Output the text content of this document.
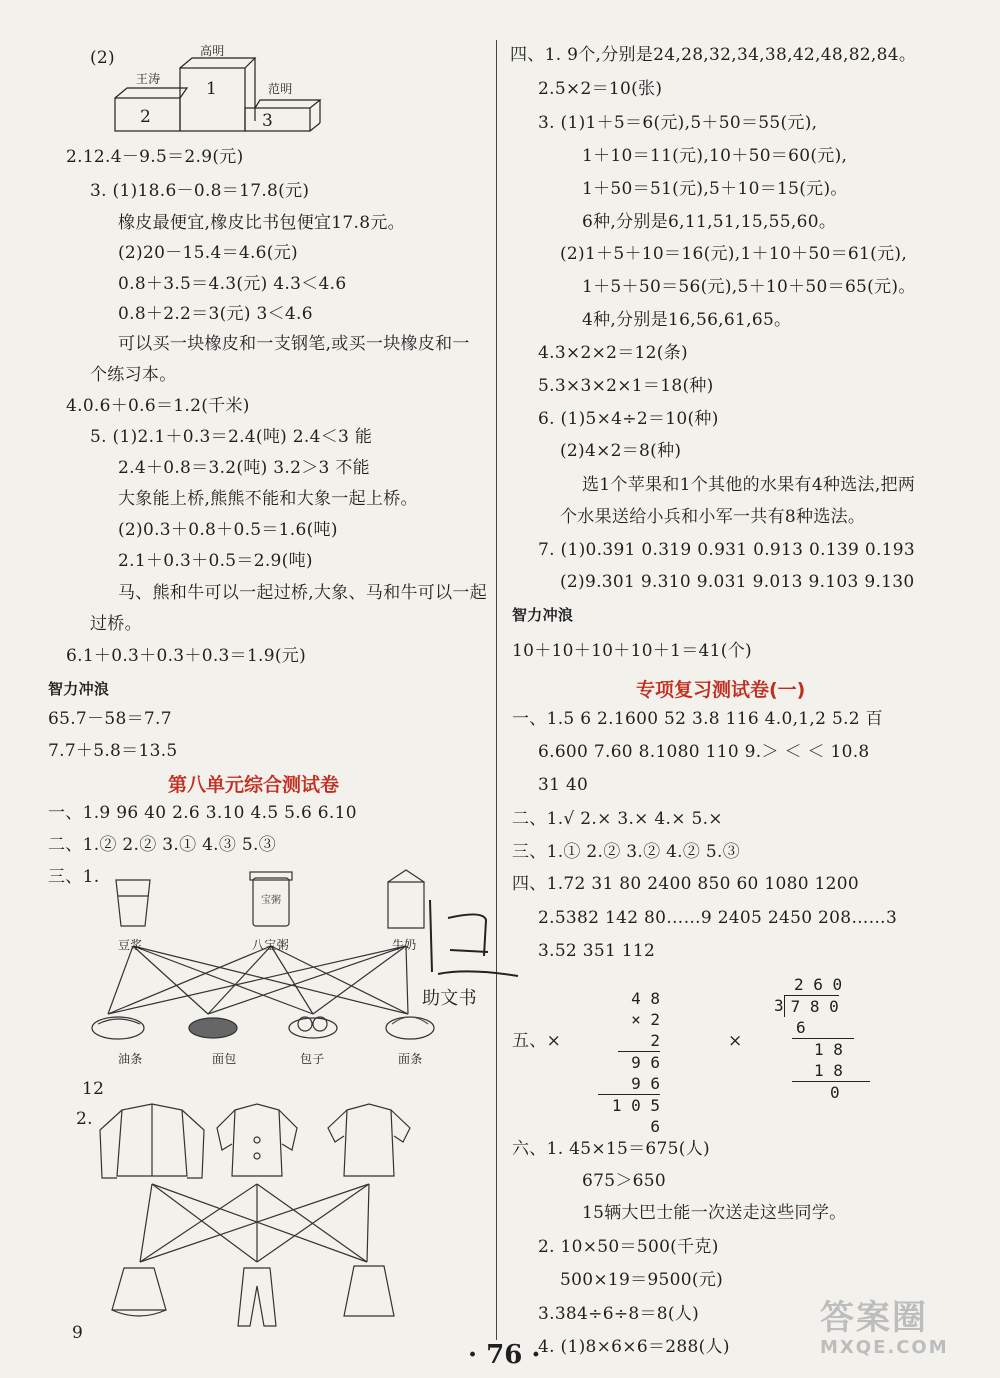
(2)
王涛
高明
范明
2
1
3
2.12.4－9.5＝2.9(元)
3. (1)18.6－0.8＝17.8(元)
橡皮最便宜,橡皮比书包便宜17.8元。
(2)20－15.4＝4.6(元)
0.8＋3.5＝4.3(元) 4.3＜4.6
0.8＋2.2＝3(元) 3＜4.6
可以买一块橡皮和一支钢笔,或买一块橡皮和一
个练习本。
4.0.6＋0.6＝1.2(千米)
5. (1)2.1＋0.3＝2.4(吨) 2.4＜3 能
2.4＋0.8＝3.2(吨) 3.2＞3 不能
大象能上桥,熊熊不能和大象一起上桥。
(2)0.3＋0.8＋0.5＝1.6(吨)
2.1＋0.3＋0.5＝2.9(吨)
马、熊和牛可以一起过桥,大象、马和牛可以一起
过桥。
6.1＋0.3＋0.3＋0.3＝1.9(元)
智力冲浪
65.7－58＝7.7
7.7＋5.8＝13.5
第八单元综合测试卷
一、1.9 96 40 2.6 3.10 4.5 5.6 6.10
二、1.② 2.② 3.① 4.③ 5.③
三、1.
宝粥
豆浆	八宝粥	牛奶
油条	面包	包子	面条
12
2.
9
四、1. 9个,分别是24,28,32,34,38,42,48,82,84。
2.5×2＝10(张)
3. (1)1＋5＝6(元),5＋50＝55(元),
1＋10＝11(元),10＋50＝60(元),
1＋50＝51(元),5＋10＝15(元)。
6种,分别是6,11,51,15,55,60。
(2)1＋5＋10＝16(元),1＋10＋50＝61(元),
1＋5＋50＝56(元),5＋10＋50＝65(元)。
4种,分别是16,56,61,65。
4.3×2×2＝12(条)
5.3×3×2×1＝18(种)
6. (1)5×4÷2＝10(种)
(2)4×2＝8(种)
选1个苹果和1个其他的水果有4种选法,把两
个水果送给小兵和小军一共有8种选法。
7. (1)0.391 0.319 0.931 0.913 0.139 0.193
(2)9.301 9.310 9.031 9.013 9.103 9.130
智力冲浪
10＋10＋10＋10＋1＝41(个)
专项复习测试卷(一)
一、1.5 6 2.1600 52 3.8 116 4.0,1,2 5.2 百
6.600 7.60 8.1080 110 9.＞ ＜ ＜ 10.8
31 40
二、1.√ 2.× 3.× 4.× 5.×
三、1.① 2.② 3.② 4.② 5.③
四、1.72 31 80 2400 850 60 1080 1200
2.5382 142 80……9 2405 2450 208……3
3.52 351 112
助文书
五、×
4 8
× 2 2
9 6
9 6
1 0 5 6
×
2 6 0
3 7 8 0
6
1 8
1 8
0
六、1. 45×15＝675(人)
675＞650
15辆大巴士能一次送走这些同学。
2. 10×50＝500(千克)
500×19＝9500(元)
3.384÷6÷8＝8(人)
4. (1)8×6×6＝288(人)
· 76 ·
答案圈
MXQE.COM
